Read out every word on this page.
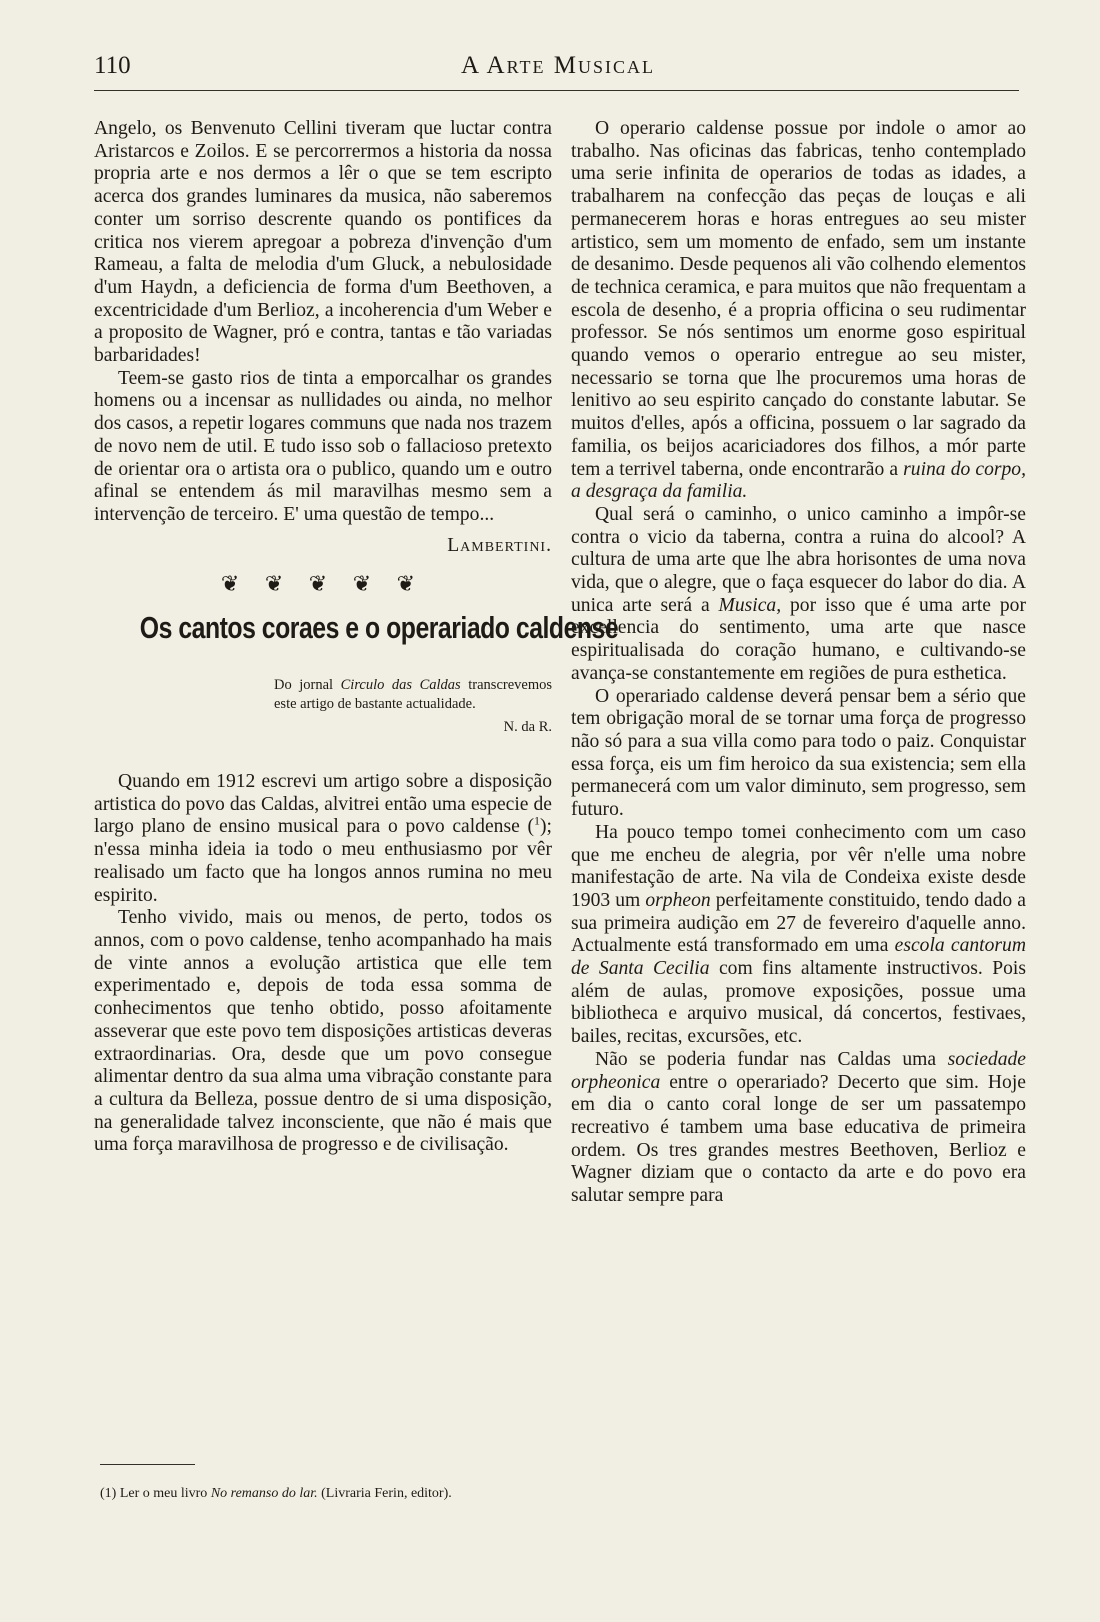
110	A Arte Musical

Angelo, os Benvenuto Cellini tiveram que luctar contra Aristarcos e Zoilos. E se percorrermos a historia da nossa propria arte e nos dermos a lêr o que se tem escripto acerca dos grandes luminares da musica, não saberemos conter um sorriso descrente quando os pontifices da critica nos vierem apregoar a pobreza d'invenção d'um Rameau, a falta de melodia d'um Gluck, a nebulosidade d'um Haydn, a deficiencia de forma d'um Beethoven, a excentricidade d'um Berlioz, a incoherencia d'um Weber e a proposito de Wagner, pró e contra, tantas e tão variadas barbaridades!

Teem-se gasto rios de tinta a emporcalhar os grandes homens ou a incensar as nullidades ou ainda, no melhor dos casos, a repetir logares communs que nada nos trazem de novo nem de util. E tudo isso sob o fallacioso pretexto de orientar ora o artista ora o publico, quando um e outro afinal se entendem ás mil maravilhas mesmo sem a intervenção de terceiro. E' uma questão de tempo...

Lambertini.
❦ ❦ ❦ ❦ ❦
Os cantos coraes e o operariado caldense
Do jornal Circulo das Caldas transcrevemos este artigo de bastante actualidade.
N. da R.

Quando em 1912 escrevi um artigo sobre a disposição artistica do povo das Caldas, alvitrei então uma especie de largo plano de ensino musical para o povo caldense ($^1$); n'essa minha ideia ia todo o meu enthusiasmo por vêr realisado um facto que ha longos annos rumina no meu espirito.

Tenho vivido, mais ou menos, de perto, todos os annos, com o povo caldense, tenho acompanhado ha mais de vinte annos a evolução artistica que elle tem experimentado e, depois de toda essa somma de conhecimentos que tenho obtido, posso afoitamente asseverar que este povo tem disposições artisticas deveras extraordinarias. Ora, desde que um povo consegue alimentar dentro da sua alma uma vibração constante para a cultura da Belleza, possue dentro de si uma disposição, na generalidade talvez inconsciente, que não é mais que uma força maravilhosa de progresso e de civilisação.

O operario caldense possue por indole o amor ao trabalho. Nas oficinas das fabricas, tenho contemplado uma serie infinita de operarios de todas as idades, a trabalharem na confecção das peças de louças e ali permanecerem horas e horas entregues ao seu mister artistico, sem um momento de enfado, sem um instante de desanimo. Desde pequenos ali vão colhendo elementos de technica ceramica, e para muitos que não frequentam a escola de desenho, é a propria officina o seu rudimentar professor. Se nós sentimos um enorme goso espiritual quando vemos o operario entregue ao seu mister, necessario se torna que lhe procuremos uma horas de lenitivo ao seu espirito cançado do constante labutar. Se muitos d'elles, após a officina, possuem o lar sagrado da familia, os beijos acariciadores dos filhos, a mór parte tem a terrivel taberna, onde encontrarão a ruina do corpo, a desgraça da familia.

Qual será o caminho, o unico caminho a impôr-se contra o vicio da taberna, contra a ruina do alcool? A cultura de uma arte que lhe abra horisontes de uma nova vida, que o alegre, que o faça esquecer do labor do dia. A unica arte será a Musica, por isso que é uma arte por excellencia do sentimento, uma arte que nasce espiritualisada do coração humano, e cultivando-se avança-se constantemente em regiões de pura esthetica.

O operariado caldense deverá pensar bem a sério que tem obrigação moral de se tornar uma força de progresso não só para a sua villa como para todo o paiz. Conquistar essa força, eis um fim heroico da sua existencia; sem ella permanecerá com um valor diminuto, sem progresso, sem futuro.

Ha pouco tempo tomei conhecimento com um caso que me encheu de alegria, por vêr n'elle uma nobre manifestação de arte. Na vila de Condeixa existe desde 1903 um orpheon perfeitamente constituido, tendo dado a sua primeira audição em 27 de fevereiro d'aquelle anno. Actualmente está transformado em uma escola cantorum de Santa Cecilia com fins altamente instructivos. Pois além de aulas, promove exposições, possue uma bibliotheca e arquivo musical, dá concertos, festivaes, bailes, recitas, excursões, etc.

Não se poderia fundar nas Caldas uma sociedade orpheonica entre o operariado? Decerto que sim. Hoje em dia o canto coral longe de ser um passatempo recreativo é tambem uma base educativa de primeira ordem. Os tres grandes mestres Beethoven, Berlioz e Wagner diziam que o contacto da arte e do povo era salutar sempre para

(1) Ler o meu livro No remanso do lar. (Livraria Ferin, editor).
